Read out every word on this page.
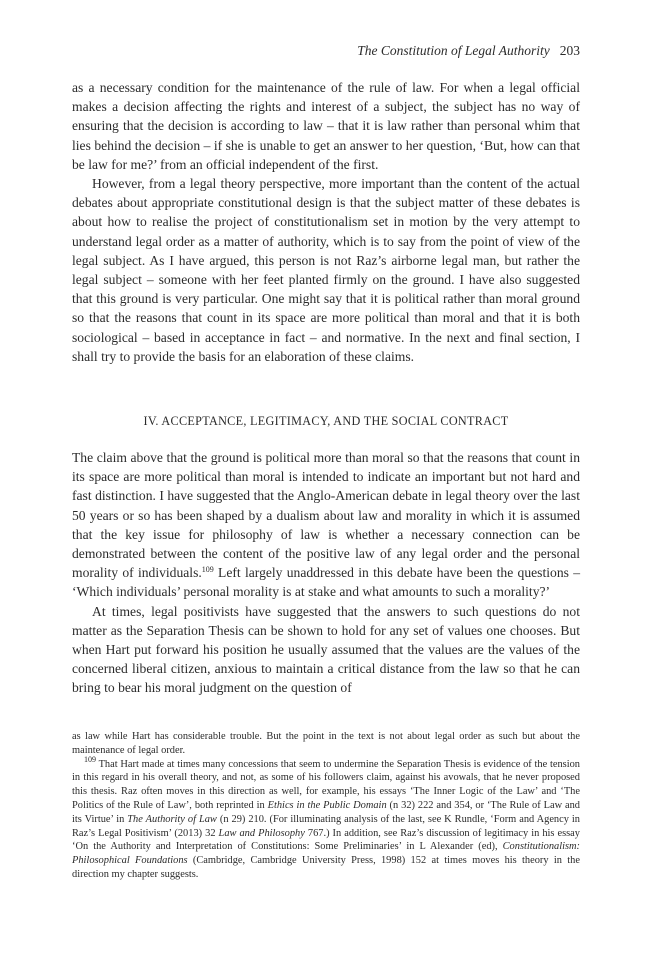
The Constitution of Legal Authority 203

as a necessary condition for the maintenance of the rule of law. For when a legal official makes a decision affecting the rights and interest of a subject, the subject has no way of ensuring that the decision is according to law – that it is law rather than personal whim that lies behind the decision – if she is unable to get an answer to her question, ‘But, how can that be law for me?’ from an official independent of the first.

However, from a legal theory perspective, more important than the content of the actual debates about appropriate constitutional design is that the subject matter of these debates is about how to realise the project of constitutionalism set in motion by the very attempt to understand legal order as a matter of authority, which is to say from the point of view of the legal subject. As I have argued, this person is not Raz’s airborne legal man, but rather the legal subject – someone with her feet planted firmly on the ground. I have also suggested that this ground is very particular. One might say that it is political rather than moral ground so that the reasons that count in its space are more political than moral and that it is both sociological – based in acceptance in fact – and normative. In the next and final section, I shall try to provide the basis for an elaboration of these claims.

IV. ACCEPTANCE, LEGITIMACY, AND THE SOCIAL CONTRACT

The claim above that the ground is political more than moral so that the reasons that count in its space are more political than moral is intended to indicate an important but not hard and fast distinction. I have suggested that the Anglo-American debate in legal theory over the last 50 years or so has been shaped by a dualism about law and morality in which it is assumed that the key issue for philosophy of law is whether a necessary connection can be demonstrated between the content of the positive law of any legal order and the personal morality of individuals.$^{109}$ Left largely unaddressed in this debate have been the questions – ‘Which individuals’ personal morality is at stake and what amounts to such a morality?’

At times, legal positivists have suggested that the answers to such questions do not matter as the Separation Thesis can be shown to hold for any set of values one chooses. But when Hart put forward his position he usually assumed that the values are the values of the concerned liberal citizen, anxious to maintain a critical distance from the law so that he can bring to bear his moral judgment on the question of

as law while Hart has considerable trouble. But the point in the text is not about legal order as such but about the maintenance of legal order.

$^{109}$ That Hart made at times many concessions that seem to undermine the Separation Thesis is evidence of the tension in this regard in his overall theory, and not, as some of his followers claim, against his avowals, that he never proposed this thesis. Raz often moves in this direction as well, for example, his essays ‘The Inner Logic of the Law’ and ‘The Politics of the Rule of Law’, both reprinted in Ethics in the Public Domain (n 32) 222 and 354, or ‘The Rule of Law and its Virtue’ in The Authority of Law (n 29) 210. (For illuminating analysis of the last, see K Rundle, ‘Form and Agency in Raz’s Legal Positivism’ (2013) 32 Law and Philosophy 767.) In addition, see Raz’s discussion of legitimacy in his essay ‘On the Authority and Interpretation of Constitutions: Some Preliminaries’ in L Alexander (ed), Constitutionalism: Philosophical Foundations (Cambridge, Cambridge University Press, 1998) 152 at times moves his theory in the direction my chapter suggests.
